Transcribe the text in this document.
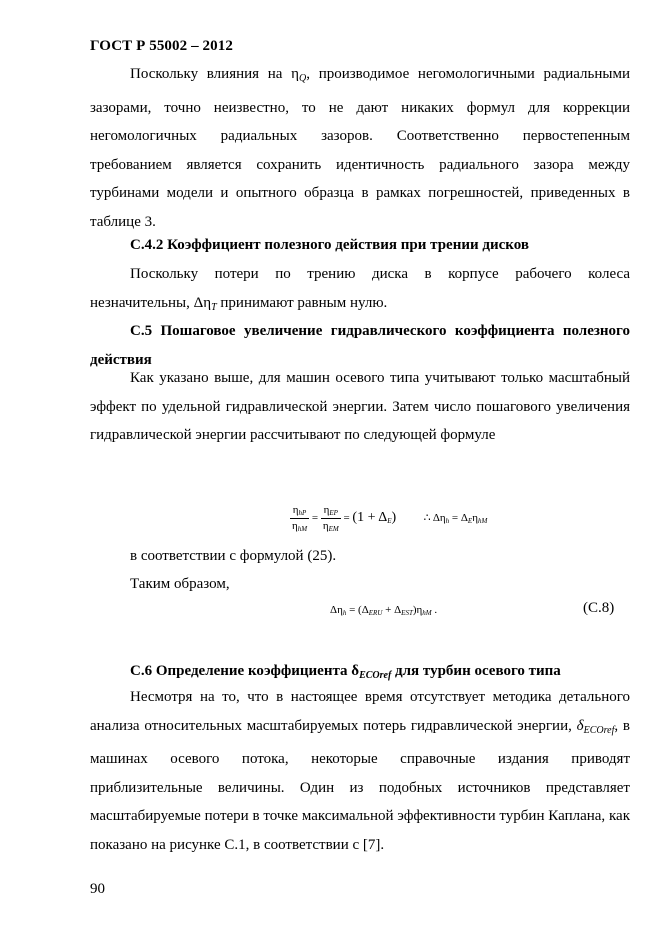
ГОСТ Р 55002 – 2012
Поскольку влияния на $\eta_Q$, производимое негомологичными радиальными зазорами, точно неизвестно, то не дают никаких формул для коррекции негомологичных радиальных зазоров. Соответственно первостепенным требованием является сохранить идентичность радиального зазора между турбинами модели и опытного образца в рамках погрешностей, приведенных в таблице 3.
С.4.2 Коэффициент полезного действия при трении дисков
Поскольку потери по трению диска в корпусе рабочего колеса незначительны, $\Delta\eta_T$ принимают равным нулю.
С.5 Пошаговое увеличение гидравлического коэффициента полезного действия
Как указано выше, для машин осевого типа учитывают только масштабный эффект по удельной гидравлической энергии. Затем число пошагового увеличения гидравлической энергии рассчитывают по следующей формуле
$\frac{\text{ηhP}}{\text{ηhM}} = \frac{\text{ηEP}}{\text{ηEM}} = (1 + \Delta E)$	∴ Δηh = ΔEηhM
в соответствии с формулой (25).
Таким образом,
Δηh = (ΔERU + ΔEST)ηhM .	(С.8)
С.6 Определение коэффициента $\delta_{ECOref}$ для турбин осевого типа
Несмотря на то, что в настоящее время отсутствует методика детального анализа относительных масштабируемых потерь гидравлической энергии, $\delta_{ECOref}$, в машинах осевого потока, некоторые справочные издания приводят приблизительные величины. Один из подобных источников представляет масштабируемые потери в точке максимальной эффективности турбин Каплана, как показано на рисунке С.1, в соответствии с [7].
90
